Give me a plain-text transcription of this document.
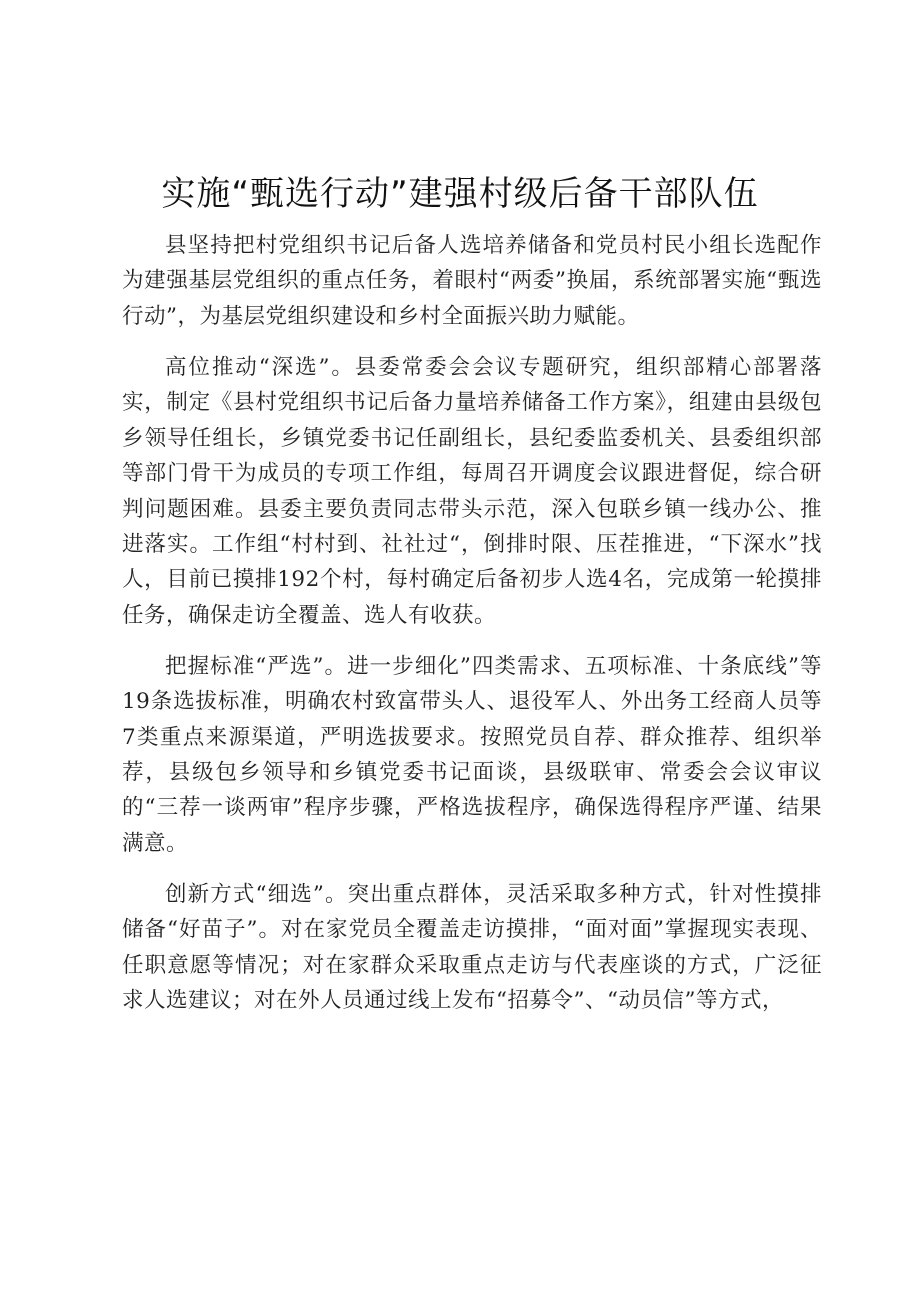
实施“甄选行动”建强村级后备干部队伍

县坚持把村党组织书记后备人选培养储备和党员村民小组长选配作为建强基层党组织的重点任务，着眼村“两委”换届，系统部署实施“甄选行动”，为基层党组织建设和乡村全面振兴助力赋能。

高位推动“深选”。县委常委会会议专题研究，组织部精心部署落实，制定《县村党组织书记后备力量培养储备工作方案》，组建由县级包乡领导任组长，乡镇党委书记任副组长，县纪委监委机关、县委组织部等部门骨干为成员的专项工作组，每周召开调度会议跟进督促，综合研判问题困难。县委主要负责同志带头示范，深入包联乡镇一线办公、推进落实。工作组“村村到、社社过“，倒排时限、压茬推进，“下深水”找人，目前已摸排192个村，每村确定后备初步人选4名，完成第一轮摸排任务，确保走访全覆盖、选人有收获。

把握标准“严选”。进一步细化”四类需求、五项标准、十条底线”等19条选拔标准，明确农村致富带头人、退役军人、外出务工经商人员等7类重点来源渠道，严明选拔要求。按照党员自荐、群众推荐、组织举荐，县级包乡领导和乡镇党委书记面谈，县级联审、常委会会议审议的“三荐一谈两审”程序步骤，严格选拔程序，确保选得程序严谨、结果满意。

创新方式“细选”。突出重点群体，灵活采取多种方式，针对性摸排储备“好苗子”。对在家党员全覆盖走访摸排，“面对面”掌握现实表现、任职意愿等情况；对在家群众采取重点走访与代表座谈的方式，广泛征求人选建议；对在外人员通过线上发布“招募令”、“动员信”等方式，
